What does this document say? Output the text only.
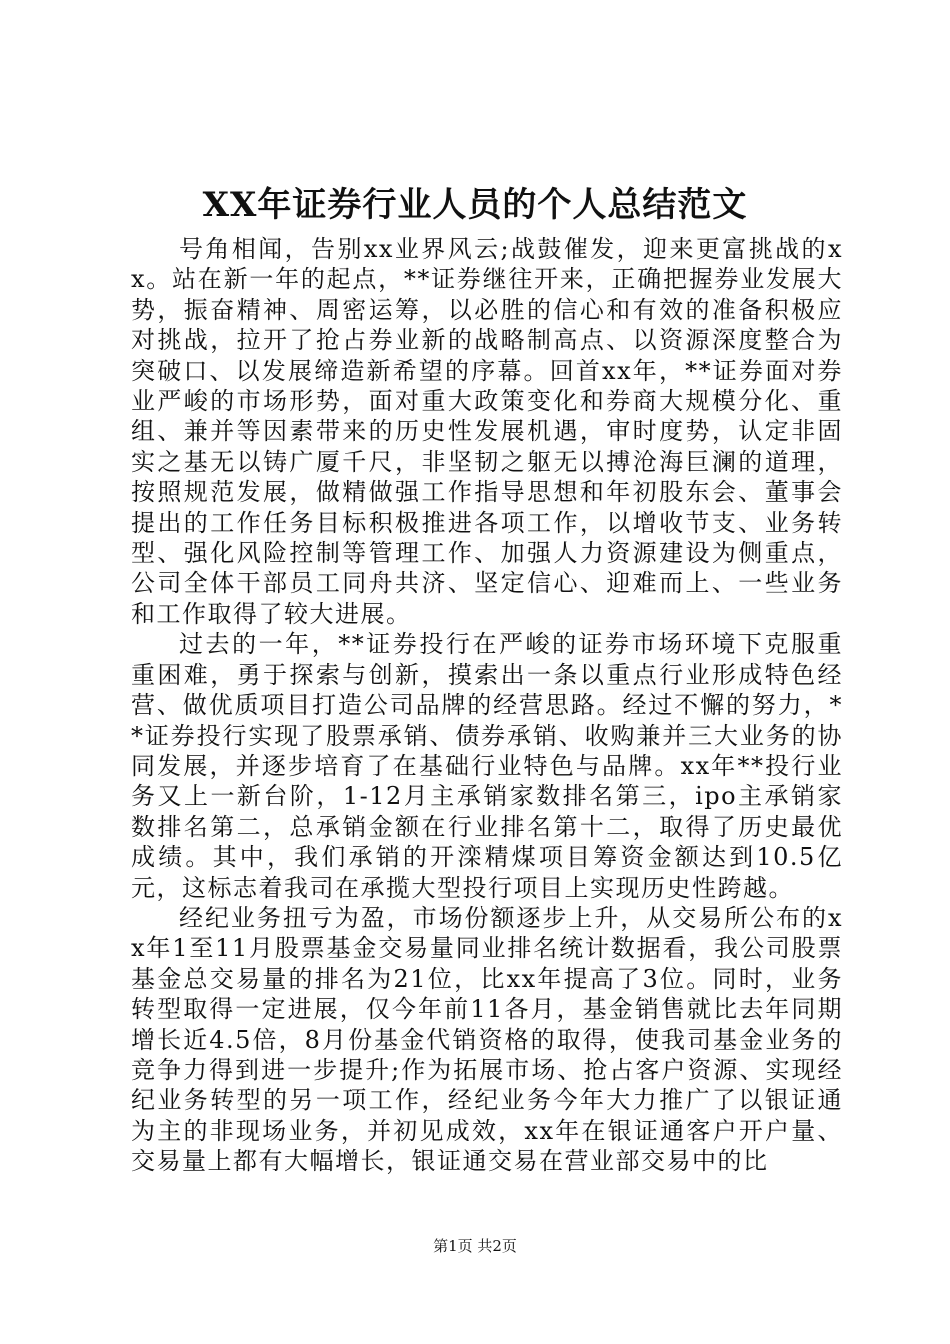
XX年证券行业人员的个人总结范文

号角相闻，告别xx业界风云;战鼓催发，迎来更富挑战的xx。站在新一年的起点，**证券继往开来，正确把握券业发展大势，振奋精神、周密运筹，以必胜的信心和有效的准备积极应对挑战，拉开了抢占券业新的战略制高点、以资源深度整合为突破口、以发展缔造新希望的序幕。回首xx年，**证券面对券业严峻的市场形势，面对重大政策变化和券商大规模分化、重组、兼并等因素带来的历史性发展机遇，审时度势，认定非固实之基无以铸广厦千尺，非坚韧之躯无以搏沧海巨澜的道理，按照规范发展，做精做强工作指导思想和年初股东会、董事会提出的工作任务目标积极推进各项工作，以增收节支、业务转型、强化风险控制等管理工作、加强人力资源建设为侧重点，公司全体干部员工同舟共济、坚定信心、迎难而上、一些业务和工作取得了较大进展。

过去的一年，**证券投行在严峻的证券市场环境下克服重重困难，勇于探索与创新，摸索出一条以重点行业形成特色经营、做优质项目打造公司品牌的经营思路。经过不懈的努力，**证券投行实现了股票承销、债券承销、收购兼并三大业务的协同发展，并逐步培育了在基础行业特色与品牌。xx年**投行业务又上一新台阶，1-12月主承销家数排名第三，ipo主承销家数排名第二，总承销金额在行业排名第十二，取得了历史最优成绩。其中，我们承销的开滦精煤项目筹资金额达到10.5亿元，这标志着我司在承揽大型投行项目上实现历史性跨越。

经纪业务扭亏为盈，市场份额逐步上升，从交易所公布的xx年1至11月股票基金交易量同业排名统计数据看，我公司股票基金总交易量的排名为21位，比xx年提高了3位。同时，业务转型取得一定进展，仅今年前11各月，基金销售就比去年同期增长近4.5倍，8月份基金代销资格的取得，使我司基金业务的竞争力得到进一步提升;作为拓展市场、抢占客户资源、实现经纪业务转型的另一项工作，经纪业务今年大力推广了以银证通为主的非现场业务，并初见成效，xx年在银证通客户开户量、交易量上都有大幅增长，银证通交易在营业部交易中的比

第1页 共2页
